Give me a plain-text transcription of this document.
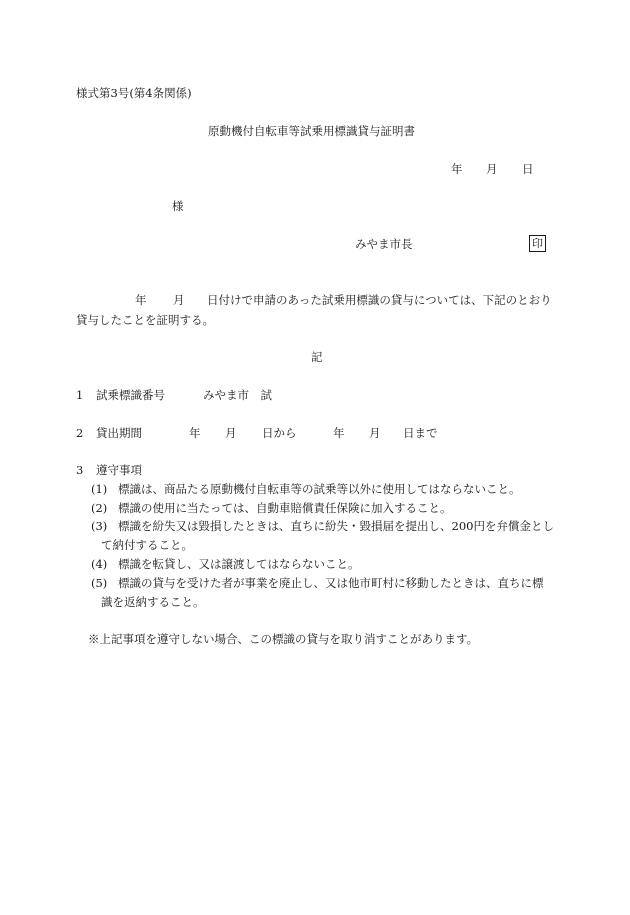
様式第3号(第4条関係)
原動機付自転車等試乗用標識貸与証明書
年 月 日
様
みやま市長	印
年 月 日付けで申請のあった試乗用標識の貸与については、下記のとおり
貸与したことを証明する。
記
1 試乗標識番号	みやま市　試
2 貸出期間	年 月 日から	年 月 日まで
3 遵守事項
(1) 標識は、商品たる原動機付自転車等の試乗等以外に使用してはならないこと。
(2) 標識の使用に当たっては、自動車賠償責任保険に加入すること。
(3) 標識を紛失又は毀損したときは、直ちに紛失・毀損届を提出し、200円を弁償金とし
て納付すること。
(4) 標識を転貸し、又は譲渡してはならないこと。
(5) 標識の貸与を受けた者が事業を廃止し、又は他市町村に移動したときは、直ちに標
識を返納すること。
※上記事項を遵守しない場合、この標識の貸与を取り消すことがあります。
